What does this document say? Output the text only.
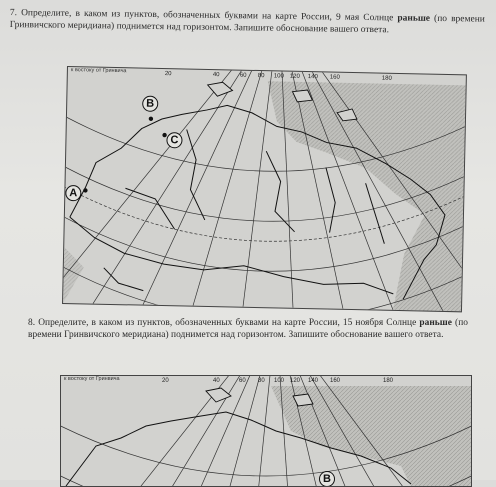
7. Определите, в каком из пунктов, обозначенных буквами на карте России, 9 мая Солнце раньше (по времени Гринвичского меридиана) поднимется над горизонтом. Запишите обоснование вашего ответа.
к востоку от Гринвича	20	40	60 80 100 120 140 160	180
A
B
C
8. Определите, в каком из пунктов, обозначенных буквами на карте России, 15 ноября Солнце раньше (по времени Гринвичского меридиана) поднимется над горизонтом. Запишите обоснование вашего ответа.
к востоку от Гринвича	20	40	60 80 100 120 140 160	180
B
